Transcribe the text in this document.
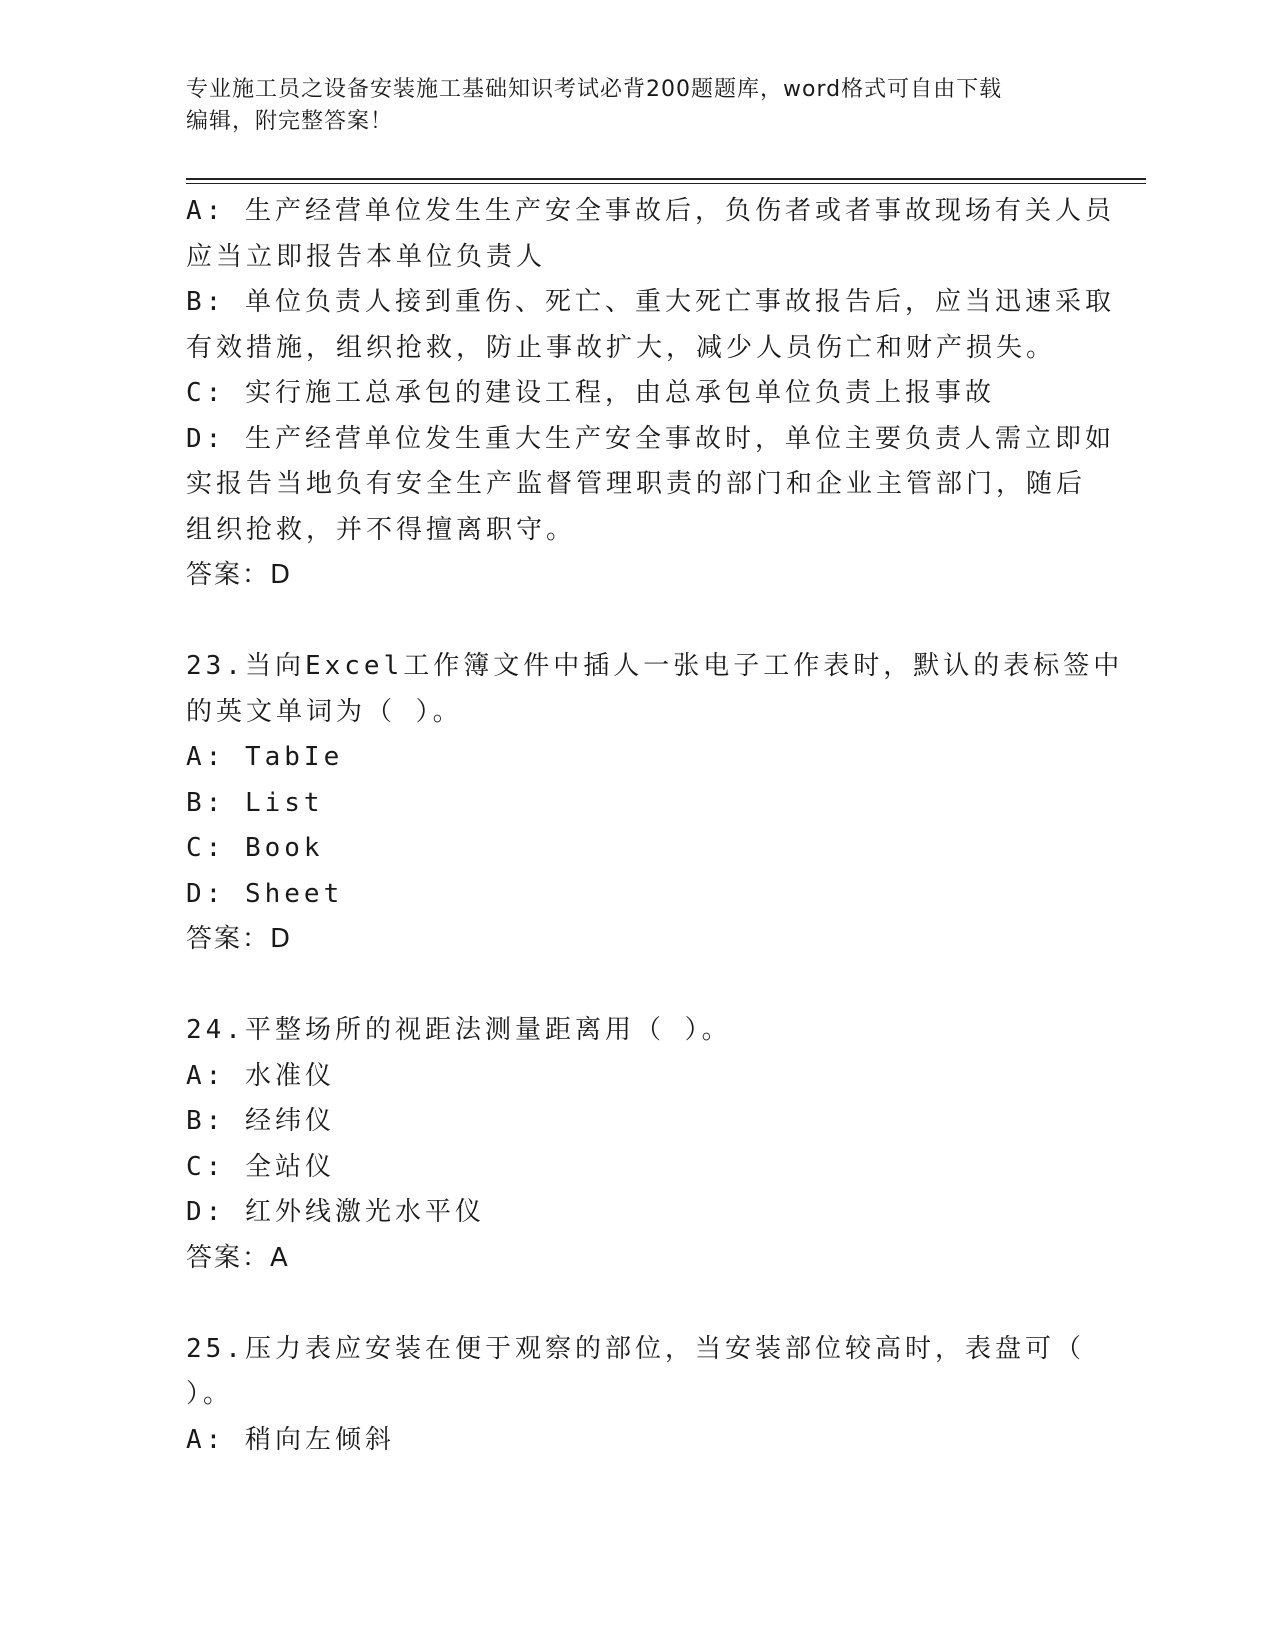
专业施工员之设备安装施工基础知识考试必背200题题库，word格式可自由下载
编辑，附完整答案！
A: 生产经营单位发生生产安全事故后，负伤者或者事故现场有关人员
应当立即报告本单位负责人
B: 单位负责人接到重伤、死亡、重大死亡事故报告后，应当迅速采取
有效措施，组织抢救，防止事故扩大，减少人员伤亡和财产损失。
C: 实行施工总承包的建设工程，由总承包单位负责上报事故
D: 生产经营单位发生重大生产安全事故时，单位主要负责人需立即如
实报告当地负有安全生产监督管理职责的部门和企业主管部门，随后
组织抢救，并不得擅离职守。
答案：D
23.当向Excel工作簿文件中插人一张电子工作表时，默认的表标签中
的英文单词为（ ）。
A: TabIe
B: List
C: Book
D: Sheet
答案：D
24.平整场所的视距法测量距离用（ ）。
A: 水准仪
B: 经纬仪
C: 全站仪
D: 红外线激光水平仪
答案：A
25.压力表应安装在便于观察的部位，当安装部位较高时，表盘可（
）。
A: 稍向左倾斜
